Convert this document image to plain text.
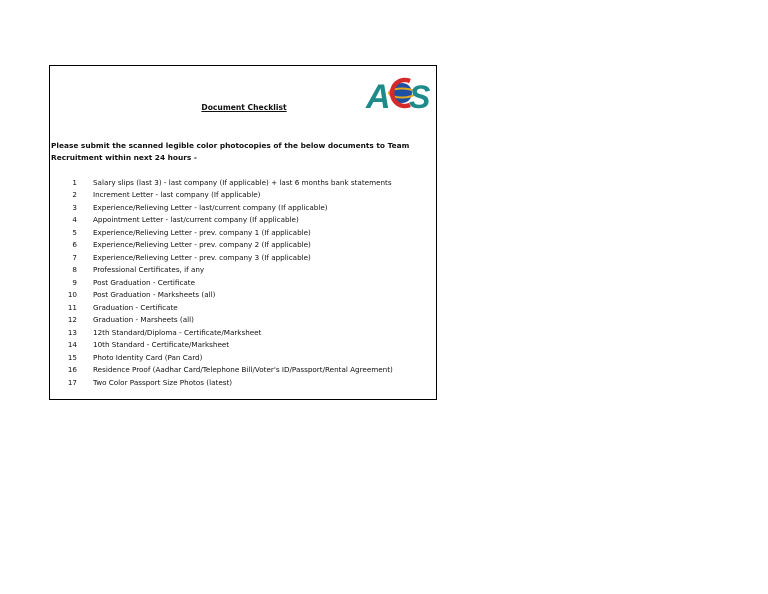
A S
Document Checklist
Please submit the scanned legible color photocopies of the below documents to Team Recruitment within next 24 hours -
1 Salary slips (last 3) - last company (If applicable) + last 6 months bank statements
2 Increment Letter - last company (If applicable)
3 Experience/Relieving Letter - last/current company (If applicable)
4 Appointment Letter - last/current company (If applicable)
5 Experience/Relieving Letter - prev. company 1 (If applicable)
6 Experience/Relieving Letter - prev. company 2 (If applicable)
7 Experience/Relieving Letter - prev. company 3 (If applicable)
8 Professional Certificates, if any
9 Post Graduation - Certificate
10 Post Graduation - Marksheets (all)
11 Graduation - Certificate
12 Graduation - Marsheets (all)
13 12th Standard/Diploma - Certificate/Marksheet
14 10th Standard - Certificate/Marksheet
15 Photo Identity Card (Pan Card)
16 Residence Proof (Aadhar Card/Telephone Bill/Voter's ID/Passport/Rental Agreement)
17 Two Color Passport Size Photos (latest)
